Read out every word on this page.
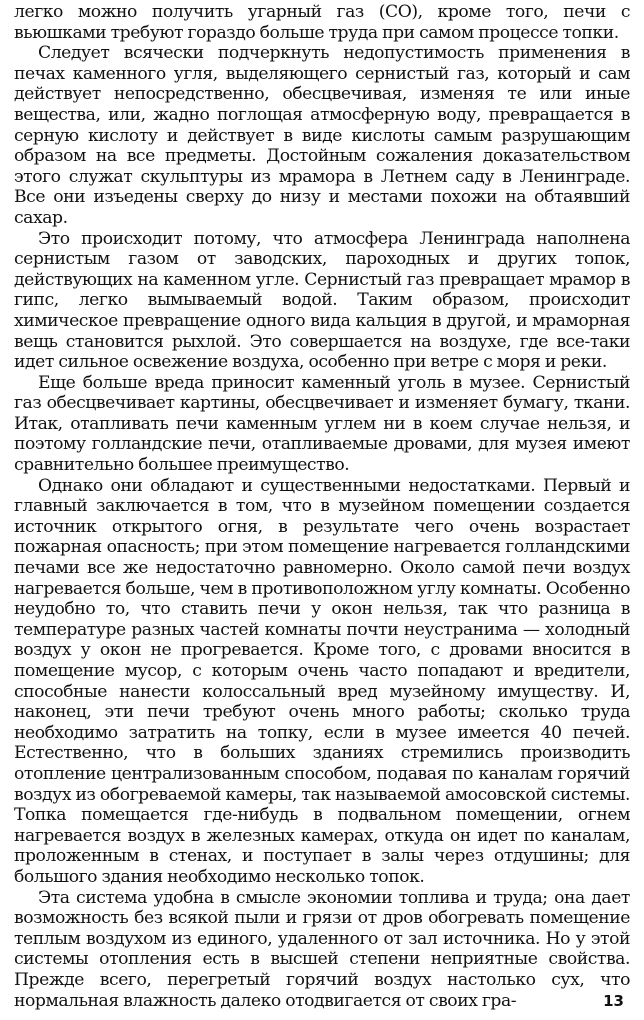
легко можно получить угарный газ (СО), кроме того, печи с вьюшками требуют гораздо больше труда при самом процессе топки.

Следует всячески подчеркнуть недопустимость применения в печах каменного угля, выделяющего сернистый газ, который и сам действует непосредственно, обесцвечивая, изменяя те или иные вещества, или, жадно поглощая атмосферную воду, превращается в серную кислоту и действует в виде кислоты самым разрушающим образом на все предметы. Достойным сожаления доказательством этого служат скульптуры из мрамора в Летнем саду в Ленинграде. Все они изъедены сверху до низу и местами похожи на обтаявший сахар.

Это происходит потому, что атмосфера Ленинграда наполнена сернистым газом от заводских, пароходных и других топок, действующих на каменном угле. Сернистый газ превращает мрамор в гипс, легко вымываемый водой. Таким образом, происходит химическое превращение одного вида кальция в другой, и мраморная вещь становится рыхлой. Это совершается на воздухе, где все-таки идет сильное освежение воздуха, особенно при ветре с моря и реки.

Еще больше вреда приносит каменный уголь в музее. Сернистый газ обесцвечивает картины, обесцвечивает и изменяет бумагу, ткани. Итак, отапливать печи каменным углем ни в коем случае нельзя, и поэтому голландские печи, отапливаемые дровами, для музея имеют сравнительно большее преимущество.

Однако они обладают и существенными недостатками. Первый и главный заключается в том, что в музейном помещении создается источник открытого огня, в результате чего очень возрастает пожарная опасность; при этом помещение нагревается голландскими печами все же недостаточно равномерно. Около самой печи воздух нагревается больше, чем в противоположном углу комнаты. Особенно неудобно то, что ставить печи у окон нельзя, так что разница в температуре разных частей комнаты почти неустранима — холодный воздух у окон не прогревается. Кроме того, с дровами вносится в помещение мусор, с которым очень часто попадают и вредители, способные нанести колоссальный вред музейному имуществу. И, наконец, эти печи требуют очень много работы; сколько труда необходимо затратить на топку, если в музее имеется 40 печей. Естественно, что в больших зданиях стремились производить отопление централизованным способом, подавая по каналам горячий воздух из обогреваемой камеры, так называемой амосовской системы. Топка помещается где-нибудь в подвальном помещении, огнем нагревается воздух в железных камерах, откуда он идет по каналам, проложенным в стенах, и поступает в залы через отдушины; для большого здания необходимо несколько топок.

Эта система удобна в смысле экономии топлива и труда; она дает возможность без всякой пыли и грязи от дров обогревать помещение теплым воздухом из единого, удаленного от зал источника. Но у этой системы отопления есть в высшей степени неприятные свойства. Прежде всего, перегретый горячий воздух настолько сух, что нормальная влажность далеко отодвигается от своих гра-	13
